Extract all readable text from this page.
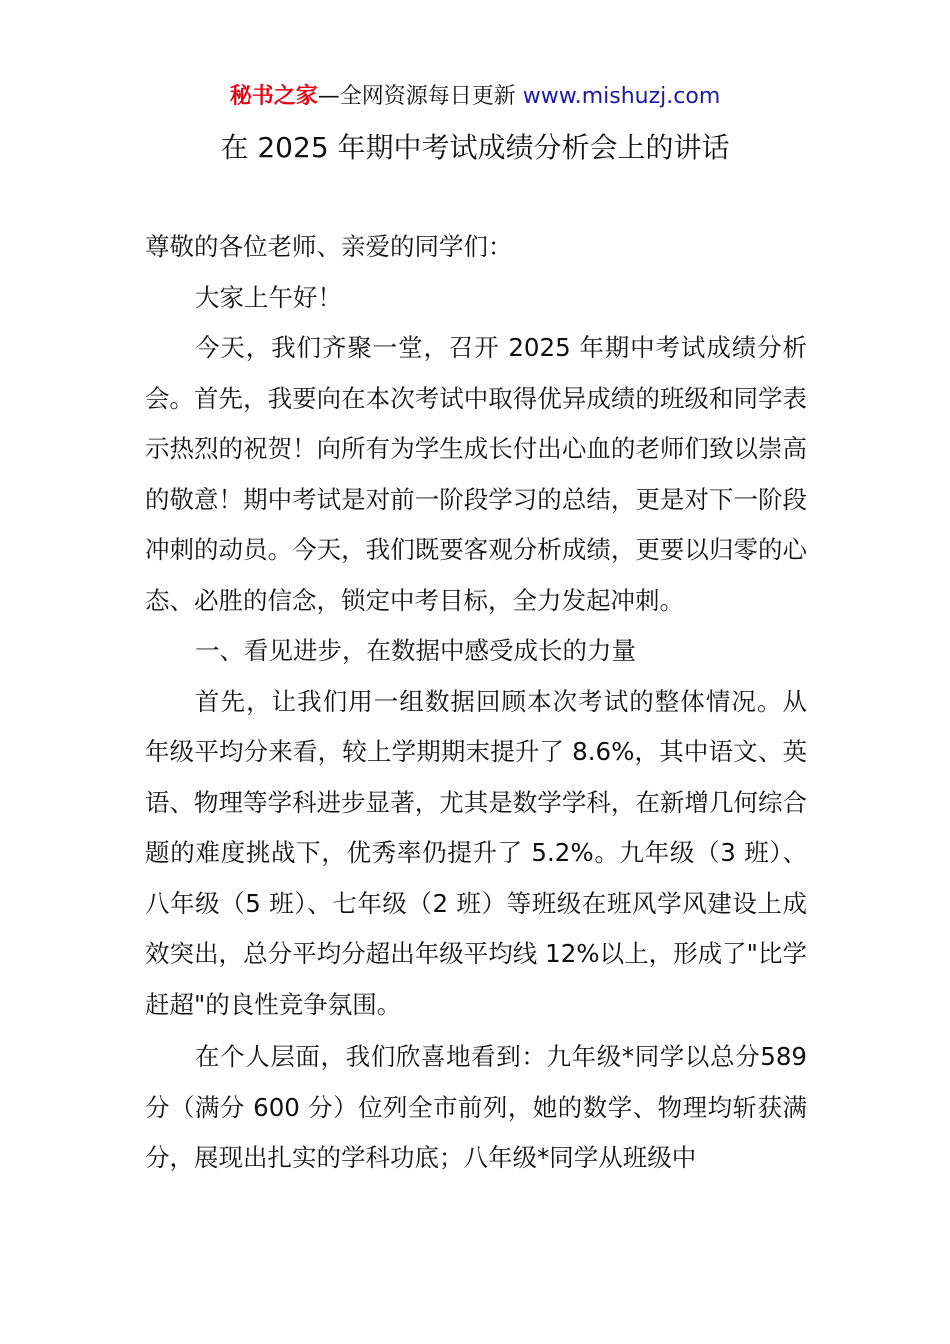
秘书之家—全网资源每日更新 www.mishuzj.com
在 2025 年期中考试成绩分析会上的讲话

尊敬的各位老师、亲爱的同学们：

大家上午好！

今天，我们齐聚一堂，召开 2025 年期中考试成绩分析会。首先，我要向在本次考试中取得优异成绩的班级和同学表示热烈的祝贺！向所有为学生成长付出心血的老师们致以崇高的敬意！期中考试是对前一阶段学习的总结，更是对下一阶段冲刺的动员。今天，我们既要客观分析成绩，更要以归零的心态、必胜的信念，锁定中考目标，全力发起冲刺。

一、看见进步，在数据中感受成长的力量

首先，让我们用一组数据回顾本次考试的整体情况。从年级平均分来看，较上学期期末提升了 8.6%，其中语文、英语、物理等学科进步显著，尤其是数学学科，在新增几何综合题的难度挑战下，优秀率仍提升了 5.2%。九年级（3 班）、八年级（5 班）、七年级（2 班）等班级在班风学风建设上成效突出，总分平均分超出年级平均线 12%以上，形成了"比学赶超"的良性竞争氛围。

在个人层面，我们欣喜地看到：九年级*同学以总分589 分（满分 600 分）位列全市前列，她的数学、物理均斩获满分，展现出扎实的学科功底；八年级*同学从班级中
